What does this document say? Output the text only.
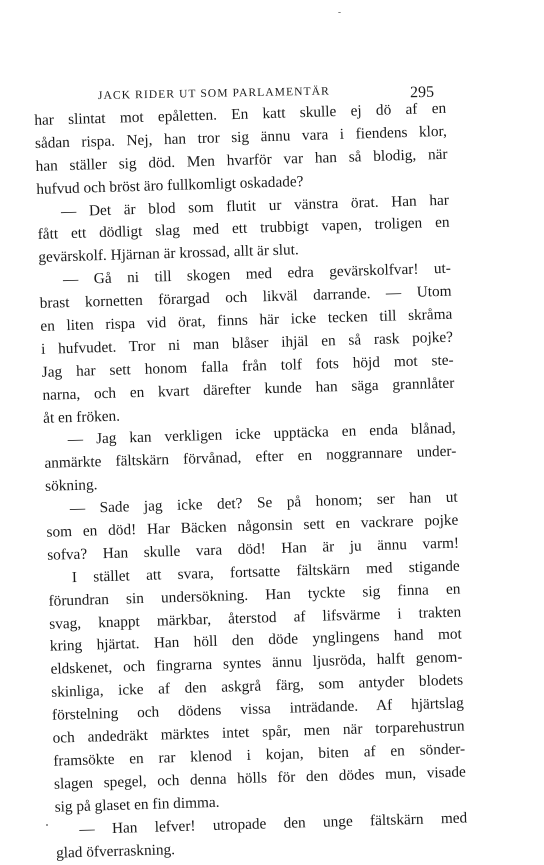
JACK RIDER UT SOM PARLAMENTÄR	295
har slintat mot epåletten. En katt skulle ej dö af en
sådan rispa. Nej, han tror sig ännu vara i fiendens klor,
han ställer sig död. Men hvarför var han så blodig, när
hufvud och bröst äro fullkomligt oskadade?
— Det är blod som flutit ur vänstra örat. Han har
fått ett dödligt slag med ett trubbigt vapen, troligen en
gevärskolf. Hjärnan är krossad, allt är slut.
— Gå ni till skogen med edra gevärskolfvar! ut-
brast kornetten förargad och likväl darrande. — Utom
en liten rispa vid örat, finns här icke tecken till skråma
i hufvudet. Tror ni man blåser ihjäl en så rask pojke?
Jag har sett honom falla från tolf fots höjd mot ste-
narna, och en kvart därefter kunde han säga grannlåter
åt en fröken.
— Jag kan verkligen icke upptäcka en enda blånad,
anmärkte fältskärn förvånad, efter en noggrannare under-
sökning.
— Sade jag icke det? Se på honom; ser han ut
som en död! Har Bäcken någonsin sett en vackrare pojke
sofva? Han skulle vara död! Han är ju ännu varm!
I stället att svara, fortsatte fältskärn med stigande
förundran sin undersökning. Han tyckte sig finna en
svag, knappt märkbar, återstod af lifsvärme i trakten
kring hjärtat. Han höll den döde ynglingens hand mot
eldskenet, och fingrarna syntes ännu ljusröda, halft genom-
skinliga, icke af den askgrå färg, som antyder blodets
förstelning och dödens vissa inträdande. Af hjärtslag
och andedräkt märktes intet spår, men när torparehustrun
framsökte en rar klenod i kojan, biten af en sönder-
slagen spegel, och denna hölls för den dödes mun, visade
sig på glaset en fin dimma.
— Han lefver! utropade den unge fältskärn med
glad öfverraskning.
